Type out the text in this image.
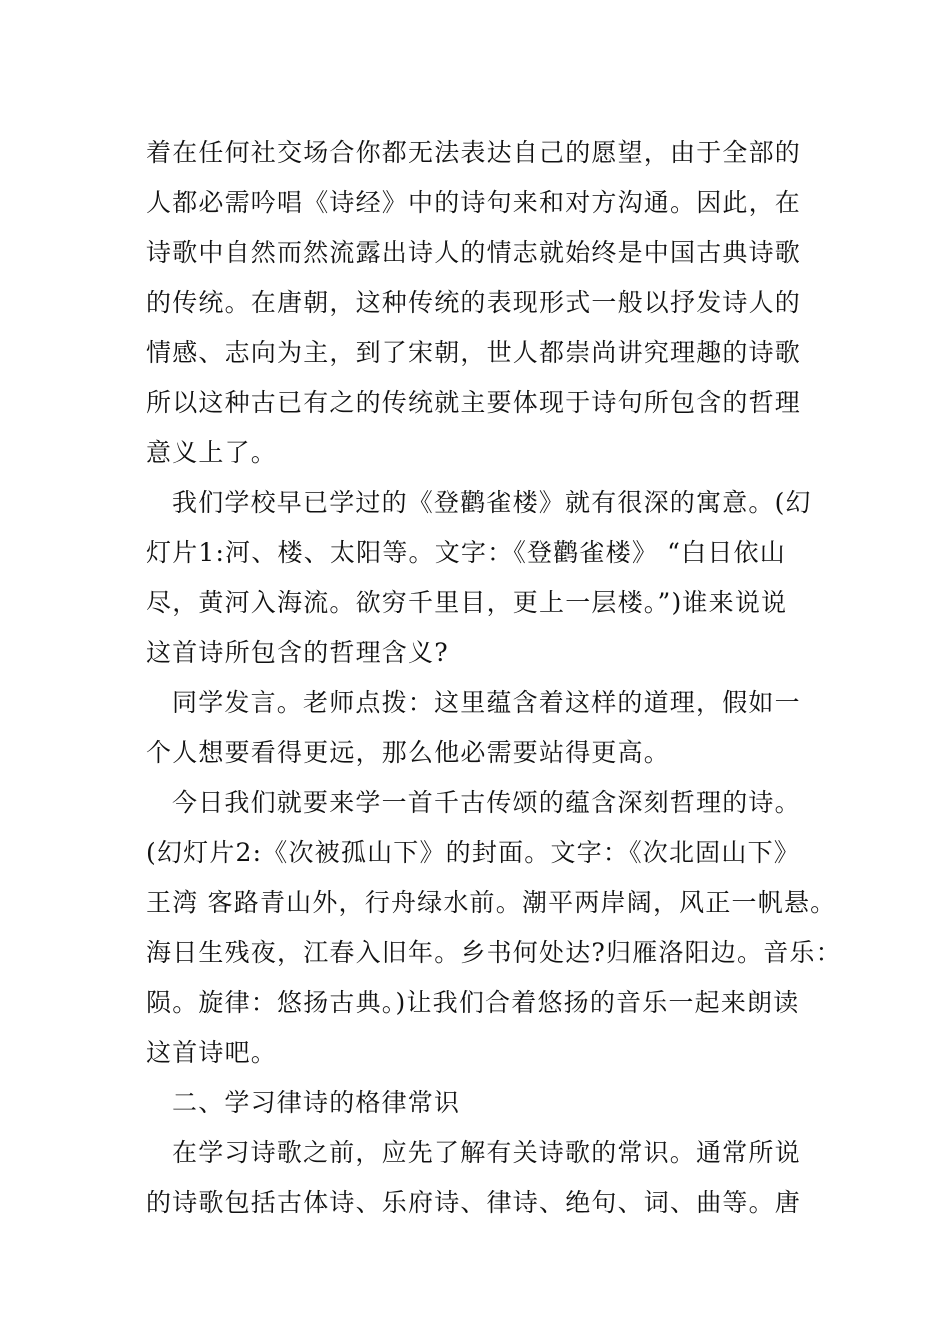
着在任何社交场合你都无法表达自己的愿望，由于全部的
人都必需吟唱《诗经》中的诗句来和对方沟通。因此，在
诗歌中自然而然流露出诗人的情志就始终是中国古典诗歌
的传统。在唐朝，这种传统的表现形式一般以抒发诗人的
情感、志向为主，到了宋朝，世人都崇尚讲究理趣的诗歌
所以这种古已有之的传统就主要体现于诗句所包含的哲理
意义上了。
我们学校早已学过的《登鹳雀楼》就有很深的寓意。(幻
灯片1:河、楼、太阳等。文字：《登鹳雀楼》 “白日依山
尽，黄河入海流。欲穷千里目，更上一层楼。”)谁来说说
这首诗所包含的哲理含义?
同学发言。老师点拨：这里蕴含着这样的道理，假如一
个人想要看得更远，那么他必需要站得更高。
今日我们就要来学一首千古传颂的蕴含深刻哲理的诗。
(幻灯片2:《次被孤山下》的封面。文字：《次北固山下》
王湾 客路青山外，行舟绿水前。潮平两岸阔，风正一帆悬。
海日生残夜，江春入旧年。乡书何处达?归雁洛阳边。音乐：
陨。旋律：悠扬古典。)让我们合着悠扬的音乐一起来朗读
这首诗吧。
二、学习律诗的格律常识
在学习诗歌之前，应先了解有关诗歌的常识。通常所说
的诗歌包括古体诗、乐府诗、律诗、绝句、词、曲等。唐
